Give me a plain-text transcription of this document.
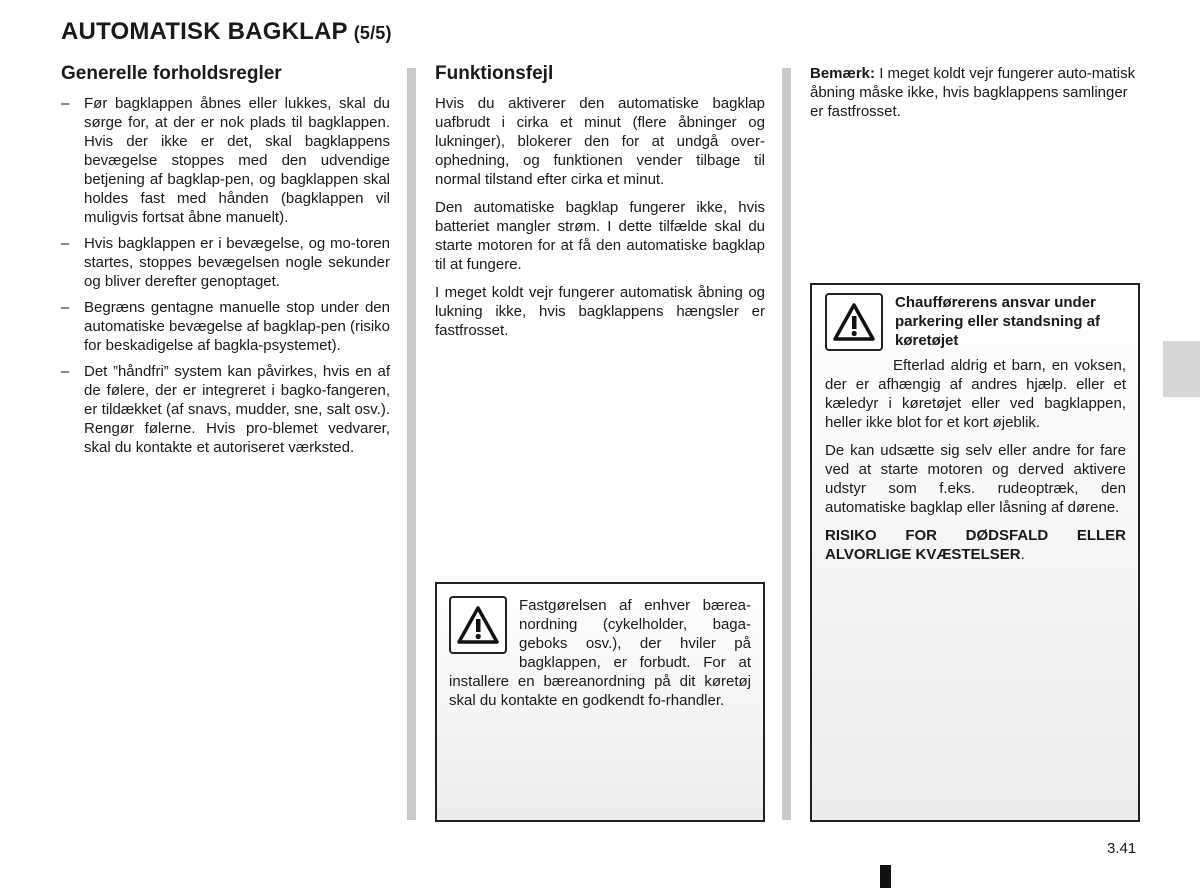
AUTOMATISK BAGKLAP (5/5)
Generelle forholdsregler
– Før bagklappen åbnes eller lukkes, skal du sørge for, at der er nok plads til bagklappen. Hvis der ikke er det, skal bagklappens bevægelse stoppes med den udvendige betjening af bagklap-pen, og bagklappen skal holdes fast med hånden (bagklappen vil muligvis fortsat åbne manuelt).
– Hvis bagklappen er i bevægelse, og mo-toren startes, stoppes bevægelsen nogle sekunder og bliver derefter genoptaget.
– Begræns gentagne manuelle stop under den automatiske bevægelse af bagklap-pen (risiko for beskadigelse af bagkla-psystemet).
– Det ”håndfri” system kan påvirkes, hvis en af de følere, der er integreret i bagko-fangeren, er tildækket (af snavs, mudder, sne, salt osv.). Rengør følerne. Hvis pro-blemet vedvarer, skal du kontakte et autoriseret værksted.
Funktionsfejl

Hvis du aktiverer den automatiske bagklap uafbrudt i cirka et minut (flere åbninger og lukninger), blokerer den for at undgå over-ophedning, og funktionen vender tilbage til normal tilstand efter cirka et minut.

Den automatiske bagklap fungerer ikke, hvis batteriet mangler strøm. I dette tilfælde skal du starte motoren for at få den automatiske bagklap til at fungere.

I meget koldt vejr fungerer automatisk åbning og lukning ikke, hvis bagklappens hængsler er fastfrosset.

Fastgørelsen af enhver bærea-nordning (cykelholder, baga-geboks osv.), der hviler på bagklappen, er forbudt. For at installere en bæreanordning på dit køretøj skal du kontakte en godkendt fo-rhandler.

Bemærk: I meget koldt vejr fungerer auto-matisk åbning måske ikke, hvis bagklappens samlinger er fastfrosset.

Chaufførerens ansvar under parkering eller standsning af køretøjet

Efterlad aldrig et barn, en voksen, der er afhængig af andres hjælp. eller et kæledyr i køretøjet eller ved bagklappen, heller ikke blot for et kort øjeblik.

De kan udsætte sig selv eller andre for fare ved at starte motoren og derved aktivere udstyr som f.eks. rudeoptræk, den automatiske bagklap eller låsning af dørene.

RISIKO FOR DØDSFALD ELLER ALVORLIGE KVÆSTELSER.

3.41
